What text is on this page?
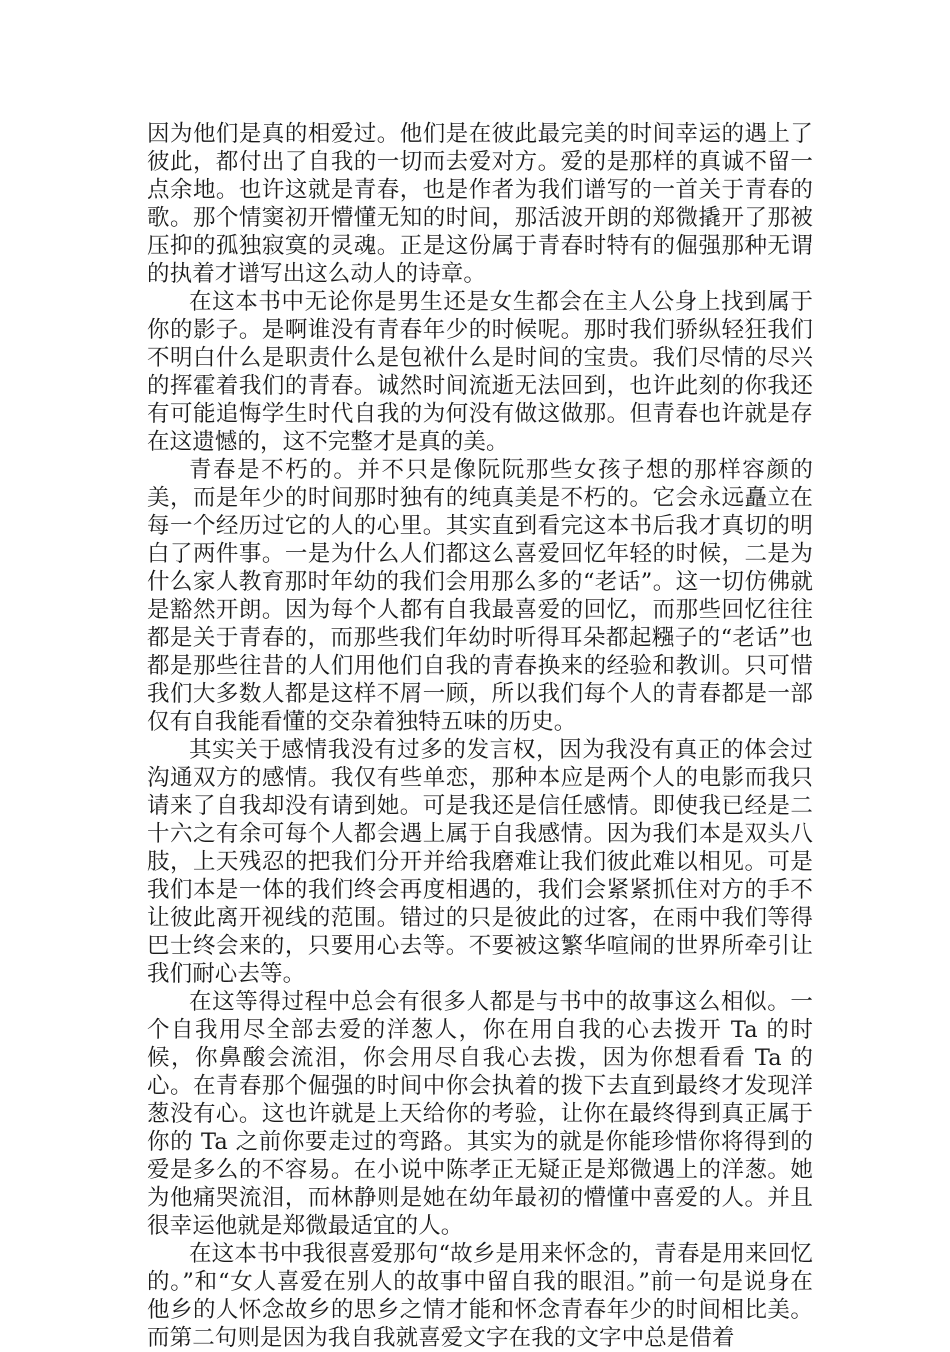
因为他们是真的相爱过。他们是在彼此最完美的时间幸运的遇上了彼此，都付出了自我的一切而去爱对方。爱的是那样的真诚不留一点余地。也许这就是青春，也是作者为我们谱写的一首关于青春的歌。那个情窦初开懵懂无知的时间，那活波开朗的郑微撬开了那被压抑的孤独寂寞的灵魂。正是这份属于青春时特有的倔强那种无谓的执着才谱写出这么动人的诗章。

在这本书中无论你是男生还是女生都会在主人公身上找到属于你的影子。是啊谁没有青春年少的时候呢。那时我们骄纵轻狂我们不明白什么是职责什么是包袱什么是时间的宝贵。我们尽情的尽兴的挥霍着我们的青春。诚然时间流逝无法回到，也许此刻的你我还有可能追悔学生时代自我的为何没有做这做那。但青春也许就是存在这遗憾的，这不完整才是真的美。

青春是不朽的。并不只是像阮阮那些女孩子想的那样容颜的美，而是年少的时间那时独有的纯真美是不朽的。它会永远矗立在每一个经历过它的人的心里。其实直到看完这本书后我才真切的明白了两件事。一是为什么人们都这么喜爱回忆年轻的时候，二是为什么家人教育那时年幼的我们会用那么多的“老话”。这一切仿佛就是豁然开朗。因为每个人都有自我最喜爱的回忆，而那些回忆往往都是关于青春的，而那些我们年幼时听得耳朵都起糨子的“老话”也都是那些往昔的人们用他们自我的青春换来的经验和教训。只可惜我们大多数人都是这样不屑一顾，所以我们每个人的青春都是一部仅有自我能看懂的交杂着独特五味的历史。

其实关于感情我没有过多的发言权，因为我没有真正的体会过沟通双方的感情。我仅有些单恋，那种本应是两个人的电影而我只请来了自我却没有请到她。可是我还是信任感情。即使我已经是二十六之有余可每个人都会遇上属于自我感情。因为我们本是双头八肢，上天残忍的把我们分开并给我磨难让我们彼此难以相见。可是我们本是一体的我们终会再度相遇的，我们会紧紧抓住对方的手不让彼此离开视线的范围。错过的只是彼此的过客，在雨中我们等得巴士终会来的，只要用心去等。不要被这繁华喧闹的世界所牵引让我们耐心去等。

在这等得过程中总会有很多人都是与书中的故事这么相似。一个自我用尽全部去爱的洋葱人，你在用自我的心去拨开 Ta 的时候，你鼻酸会流泪，你会用尽自我心去拨，因为你想看看 Ta 的心。在青春那个倔强的时间中你会执着的拨下去直到最终才发现洋葱没有心。这也许就是上天给你的考验，让你在最终得到真正属于你的 Ta 之前你要走过的弯路。其实为的就是你能珍惜你将得到的爱是多么的不容易。在小说中陈孝正无疑正是郑微遇上的洋葱。她为他痛哭流泪，而林静则是她在幼年最初的懵懂中喜爱的人。并且很幸运他就是郑微最适宜的人。

在这本书中我很喜爱那句“故乡是用来怀念的，青春是用来回忆的。”和“女人喜爱在别人的故事中留自我的眼泪。”前一句是说身在他乡的人怀念故乡的思乡之情才能和怀念青春年少的时间相比美。而第二句则是因为我自我就喜爱文字在我的文字中总是借着
